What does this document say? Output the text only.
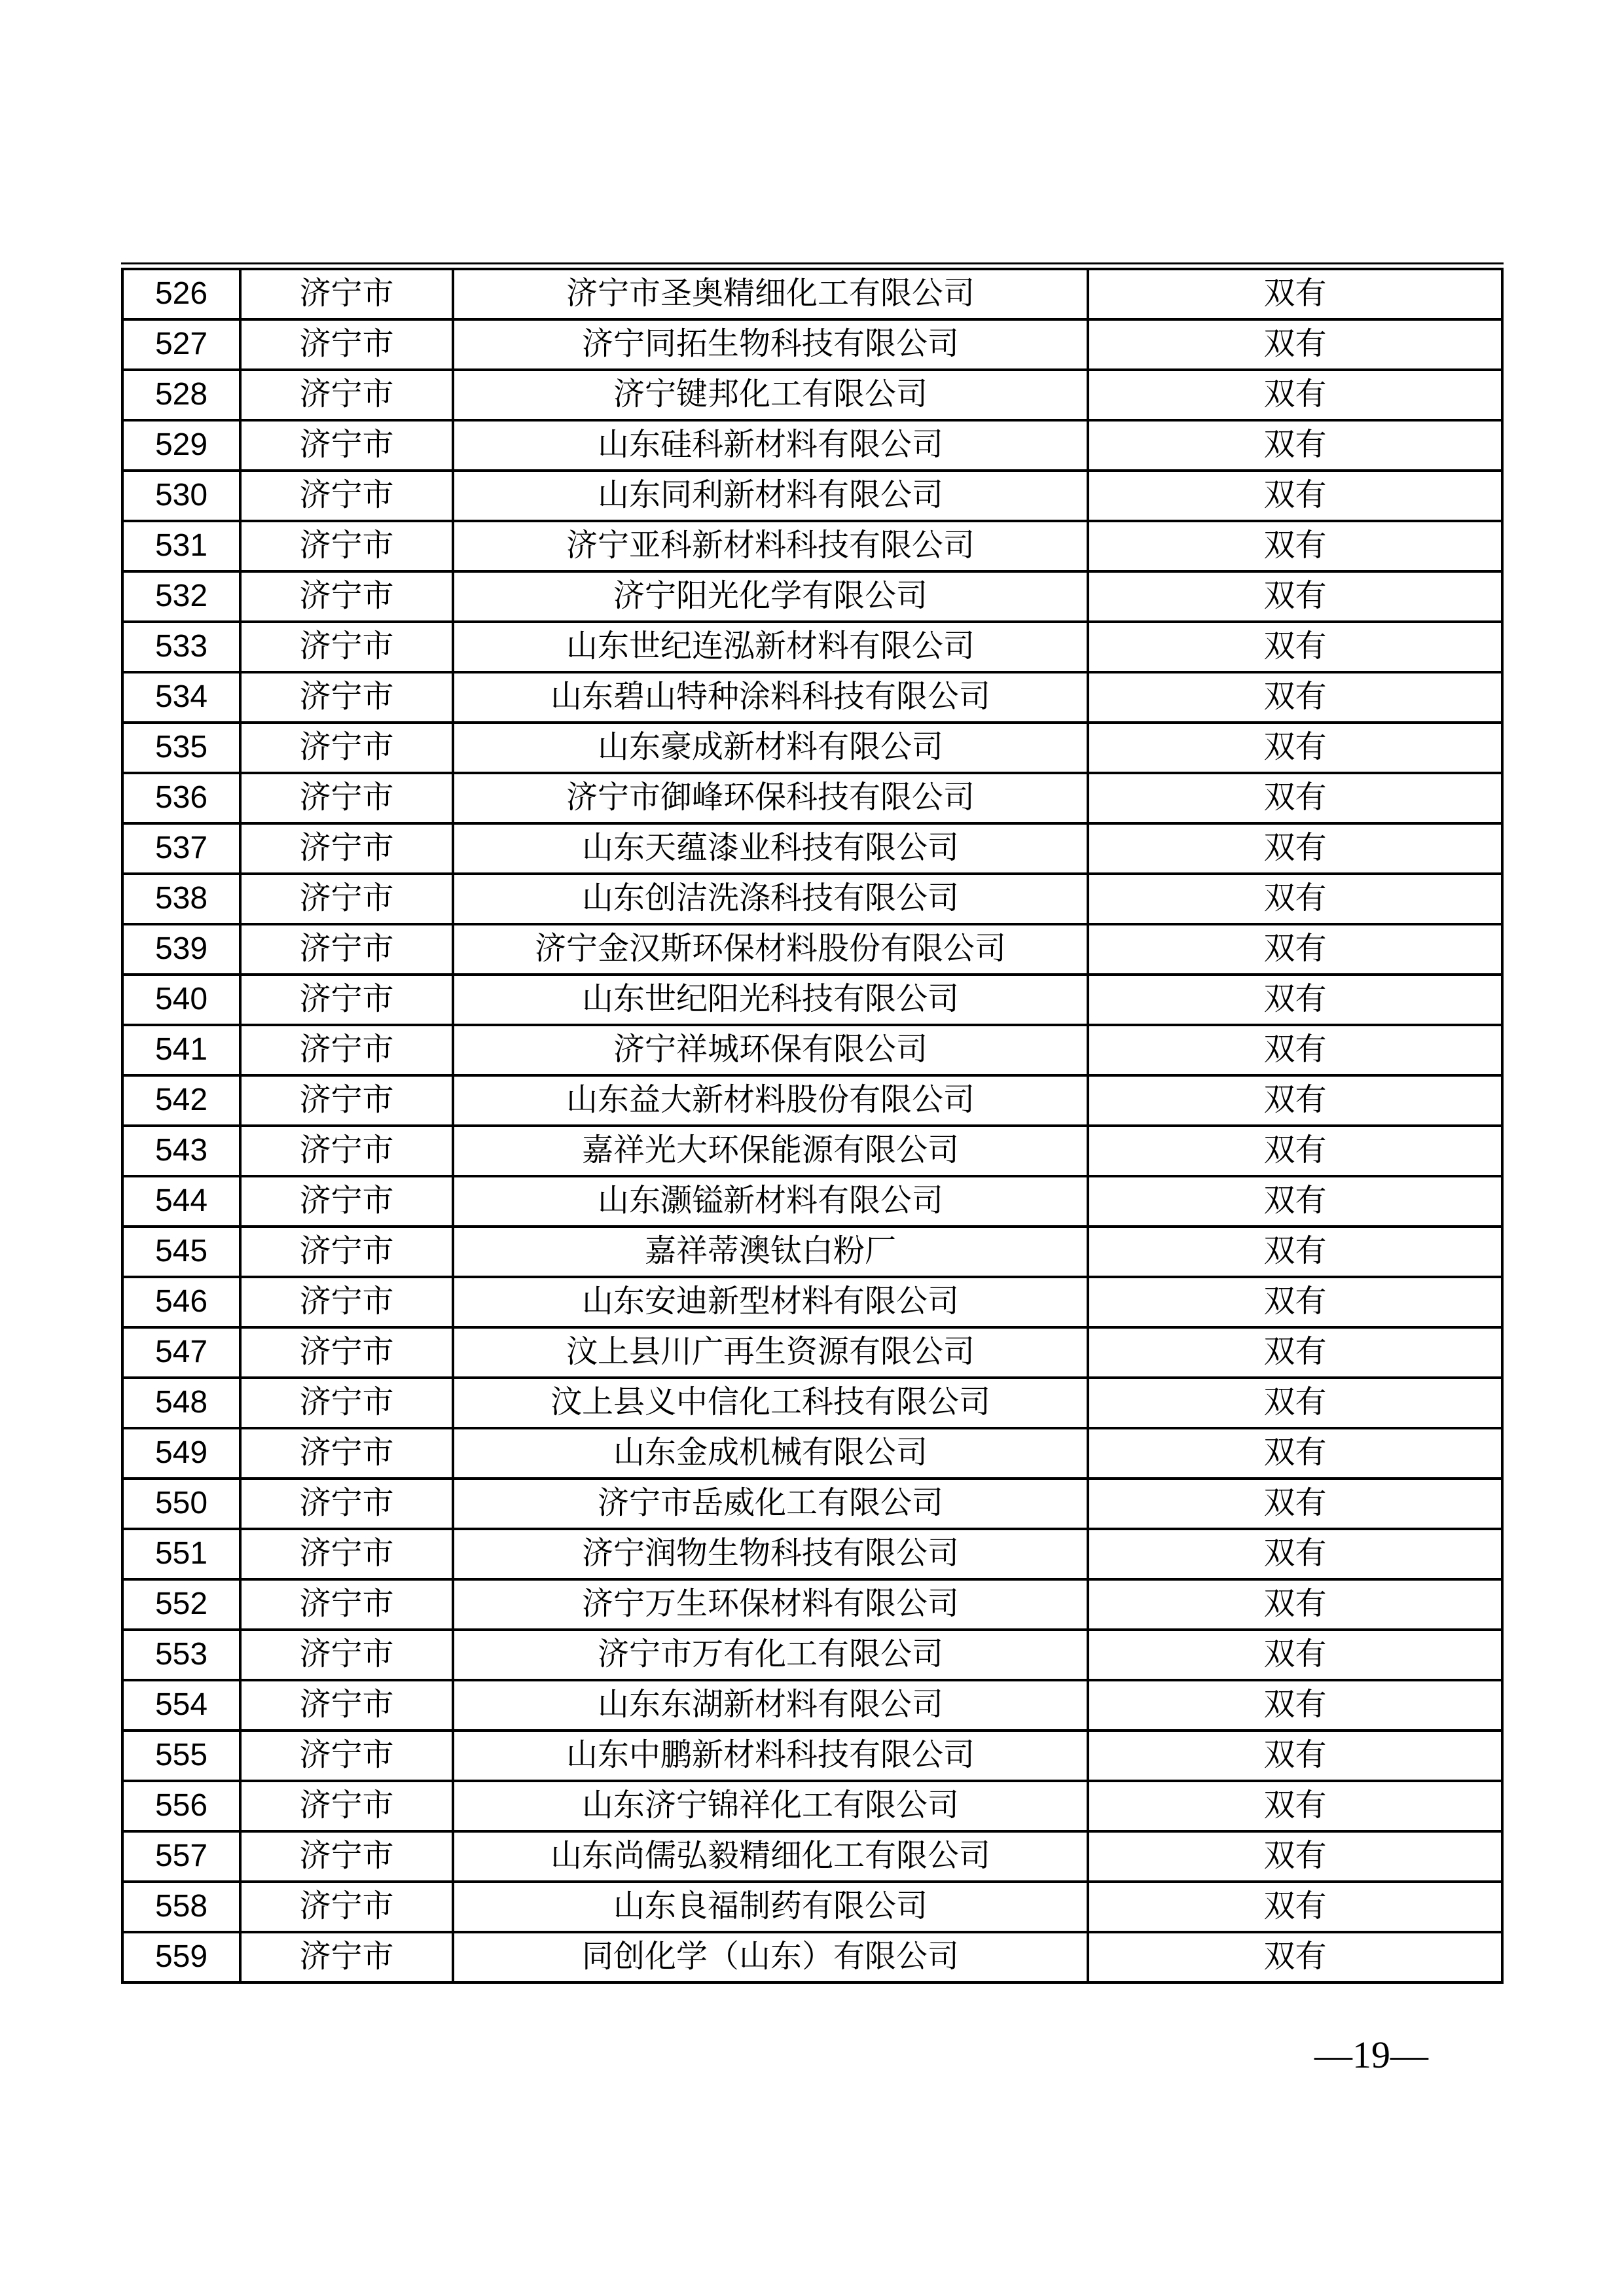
526	济宁市	济宁市圣奥精细化工有限公司	双有
527	济宁市	济宁同拓生物科技有限公司	双有
528	济宁市	济宁键邦化工有限公司	双有
529	济宁市	山东硅科新材料有限公司	双有
530	济宁市	山东同利新材料有限公司	双有
531	济宁市	济宁亚科新材料科技有限公司	双有
532	济宁市	济宁阳光化学有限公司	双有
533	济宁市	山东世纪连泓新材料有限公司	双有
534	济宁市	山东碧山特种涂料科技有限公司	双有
535	济宁市	山东豪成新材料有限公司	双有
536	济宁市	济宁市御峰环保科技有限公司	双有
537	济宁市	山东天蕴漆业科技有限公司	双有
538	济宁市	山东创洁洗涤科技有限公司	双有
539	济宁市	济宁金汉斯环保材料股份有限公司	双有
540	济宁市	山东世纪阳光科技有限公司	双有
541	济宁市	济宁祥城环保有限公司	双有
542	济宁市	山东益大新材料股份有限公司	双有
543	济宁市	嘉祥光大环保能源有限公司	双有
544	济宁市	山东灏镒新材料有限公司	双有
545	济宁市	嘉祥蒂澳钛白粉厂	双有
546	济宁市	山东安迪新型材料有限公司	双有
547	济宁市	汶上县川广再生资源有限公司	双有
548	济宁市	汶上县义中信化工科技有限公司	双有
549	济宁市	山东金成机械有限公司	双有
550	济宁市	济宁市岳威化工有限公司	双有
551	济宁市	济宁润物生物科技有限公司	双有
552	济宁市	济宁万生环保材料有限公司	双有
553	济宁市	济宁市万有化工有限公司	双有
554	济宁市	山东东湖新材料有限公司	双有
555	济宁市	山东中鹏新材料科技有限公司	双有
556	济宁市	山东济宁锦祥化工有限公司	双有
557	济宁市	山东尚儒弘毅精细化工有限公司	双有
558	济宁市	山东良福制药有限公司	双有
559	济宁市	同创化学（山东）有限公司	双有
—19—
